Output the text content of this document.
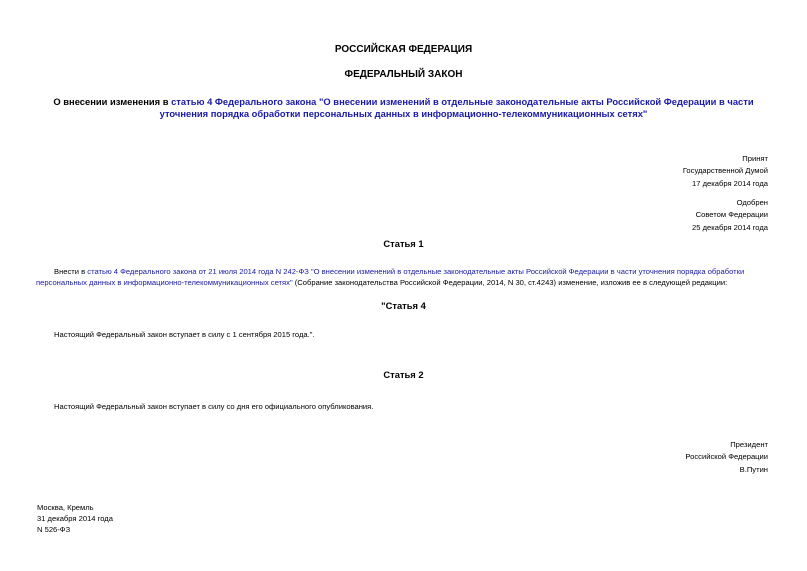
РОССИЙСКАЯ ФЕДЕРАЦИЯ
ФЕДЕРАЛЬНЫЙ ЗАКОН
О внесении изменения в статью 4 Федерального закона "О внесении изменений в отдельные законодательные акты Российской Федерации в части уточнения порядка обработки персональных данных в информационно-телекоммуникационных сетях"
Принят
Государственной Думой
17 декабря 2014 года
Одобрен
Советом Федерации
25 декабря 2014 года
Статья 1
Внести в статью 4 Федерального закона от 21 июля 2014 года N 242-ФЗ "О внесении изменений в отдельные законодательные акты Российской Федерации в части уточнения порядка обработки персональных данных в информационно-телекоммуникационных сетях" (Собрание законодательства Российской Федерации, 2014, N 30, ст.4243) изменение, изложив ее в следующей редакции:
"Статья 4
Настоящий Федеральный закон вступает в силу с 1 сентября 2015 года.".
Статья 2
Настоящий Федеральный закон вступает в силу со дня его официального опубликования.
Президент
Российской Федерации
В.Путин
Москва, Кремль
31 декабря 2014 года
N 526-ФЗ
